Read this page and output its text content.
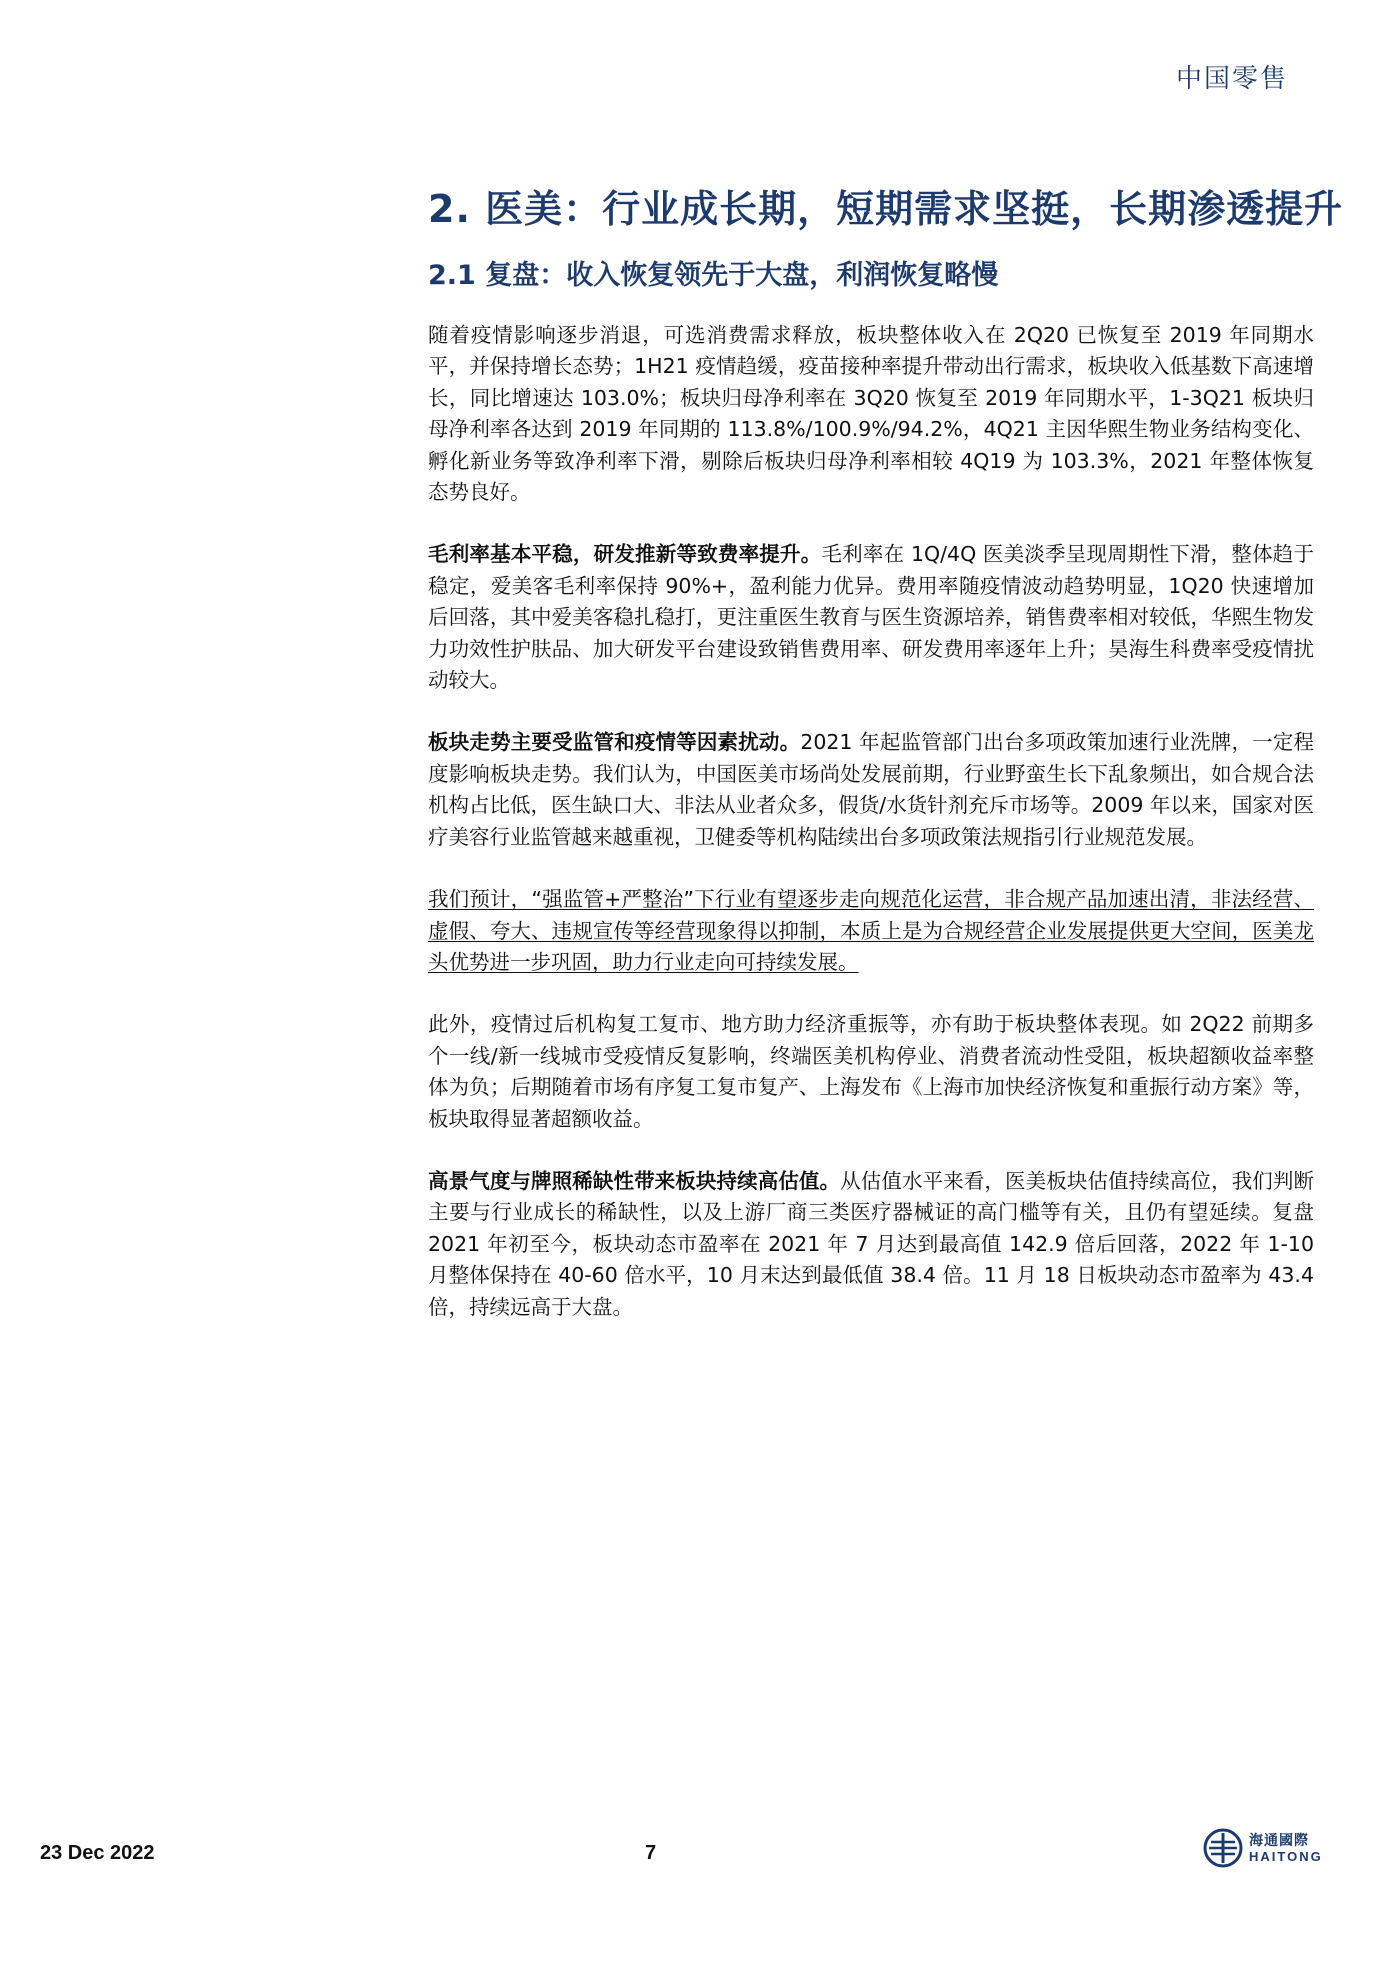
中国零售
2. 医美：行业成长期，短期需求坚挺，长期渗透提升
2.1 复盘：收入恢复领先于大盘，利润恢复略慢

随着疫情影响逐步消退，可选消费需求释放，板块整体收入在 2Q20 已恢复至 2019 年同期水平，并保持增长态势；1H21 疫情趋缓，疫苗接种率提升带动出行需求，板块收入低基数下高速增长，同比增速达 103.0%；板块归母净利率在 3Q20 恢复至 2019 年同期水平，1-3Q21 板块归母净利率各达到 2019 年同期的 113.8%/100.9%/94.2%，4Q21 主因华熙生物业务结构变化、孵化新业务等致净利率下滑，剔除后板块归母净利率相较 4Q19 为 103.3%，2021 年整体恢复态势良好。

毛利率基本平稳，研发推新等致费率提升。毛利率在 1Q/4Q 医美淡季呈现周期性下滑，整体趋于稳定，爱美客毛利率保持 90%+，盈利能力优异。费用率随疫情波动趋势明显，1Q20 快速增加后回落，其中爱美客稳扎稳打，更注重医生教育与医生资源培养，销售费率相对较低，华熙生物发力功效性护肤品、加大研发平台建设致销售费用率、研发费用率逐年上升；昊海生科费率受疫情扰动较大。

板块走势主要受监管和疫情等因素扰动。2021 年起监管部门出台多项政策加速行业洗牌，一定程度影响板块走势。我们认为，中国医美市场尚处发展前期，行业野蛮生长下乱象频出，如合规合法机构占比低，医生缺口大、非法从业者众多，假货/水货针剂充斥市场等。2009 年以来，国家对医疗美容行业监管越来越重视，卫健委等机构陆续出台多项政策法规指引行业规范发展。

我们预计，“强监管+严整治”下行业有望逐步走向规范化运营，非合规产品加速出清，非法经营、虚假、夸大、违规宣传等经营现象得以抑制，本质上是为合规经营企业发展提供更大空间，医美龙头优势进一步巩固，助力行业走向可持续发展。

此外，疫情过后机构复工复市、地方助力经济重振等，亦有助于板块整体表现。如 2Q22 前期多个一线/新一线城市受疫情反复影响，终端医美机构停业、消费者流动性受阻，板块超额收益率整体为负；后期随着市场有序复工复市复产、上海发布《上海市加快经济恢复和重振行动方案》等，板块取得显著超额收益。

高景气度与牌照稀缺性带来板块持续高估值。从估值水平来看，医美板块估值持续高位，我们判断主要与行业成长的稀缺性，以及上游厂商三类医疗器械证的高门槛等有关，且仍有望延续。复盘 2021 年初至今，板块动态市盈率在 2021 年 7 月达到最高值 142.9 倍后回落，2022 年 1-10 月整体保持在 40-60 倍水平，10 月末达到最低值 38.4 倍。11 月 18 日板块动态市盈率为 43.4 倍，持续远高于大盘。

23 Dec 2022	7
海通國際
HAITONG
